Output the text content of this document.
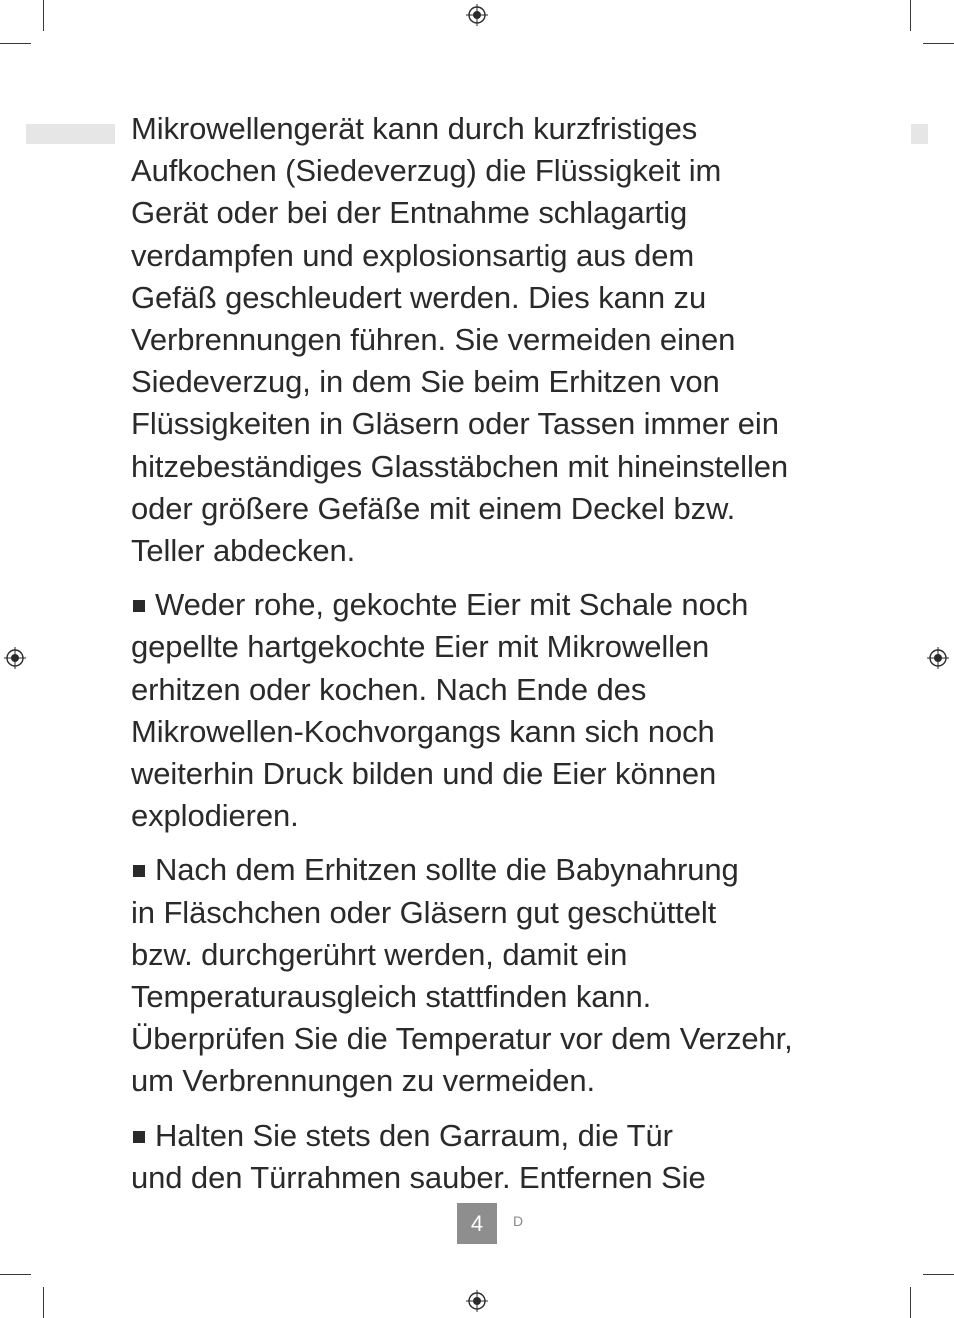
Mikrowellengerät kann durch kurzfristiges
Aufkochen (Siedeverzug) die Flüssigkeit im
Gerät oder bei der Entnahme schlagartig
verdampfen und explosionsartig aus dem
Gefäß geschleudert werden. Dies kann zu
Verbrennungen führen. Sie vermeiden einen
Siedeverzug, in dem Sie beim Erhitzen von
Flüssigkeiten in Gläsern oder Tassen immer ein
hitzebeständiges Glasstäbchen mit hineinstellen
oder größere Gefäße mit einem Deckel bzw.
Teller abdecken.

Weder rohe, gekochte Eier mit Schale noch
gepellte hartgekochte Eier mit Mikrowellen
erhitzen oder kochen. Nach Ende des
Mikrowellen-Kochvorgangs kann sich noch
weiterhin Druck bilden und die Eier können
explodieren.

Nach dem Erhitzen sollte die Babynahrung
in Fläschchen oder Gläsern gut geschüttelt
bzw. durchgerührt werden, damit ein
Temperaturausgleich stattfinden kann.
Überprüfen Sie die Temperatur vor dem Verzehr,
um Verbrennungen zu vermeiden.

Halten Sie stets den Garraum, die Tür
und den Türrahmen sauber. Entfernen Sie

4	D
